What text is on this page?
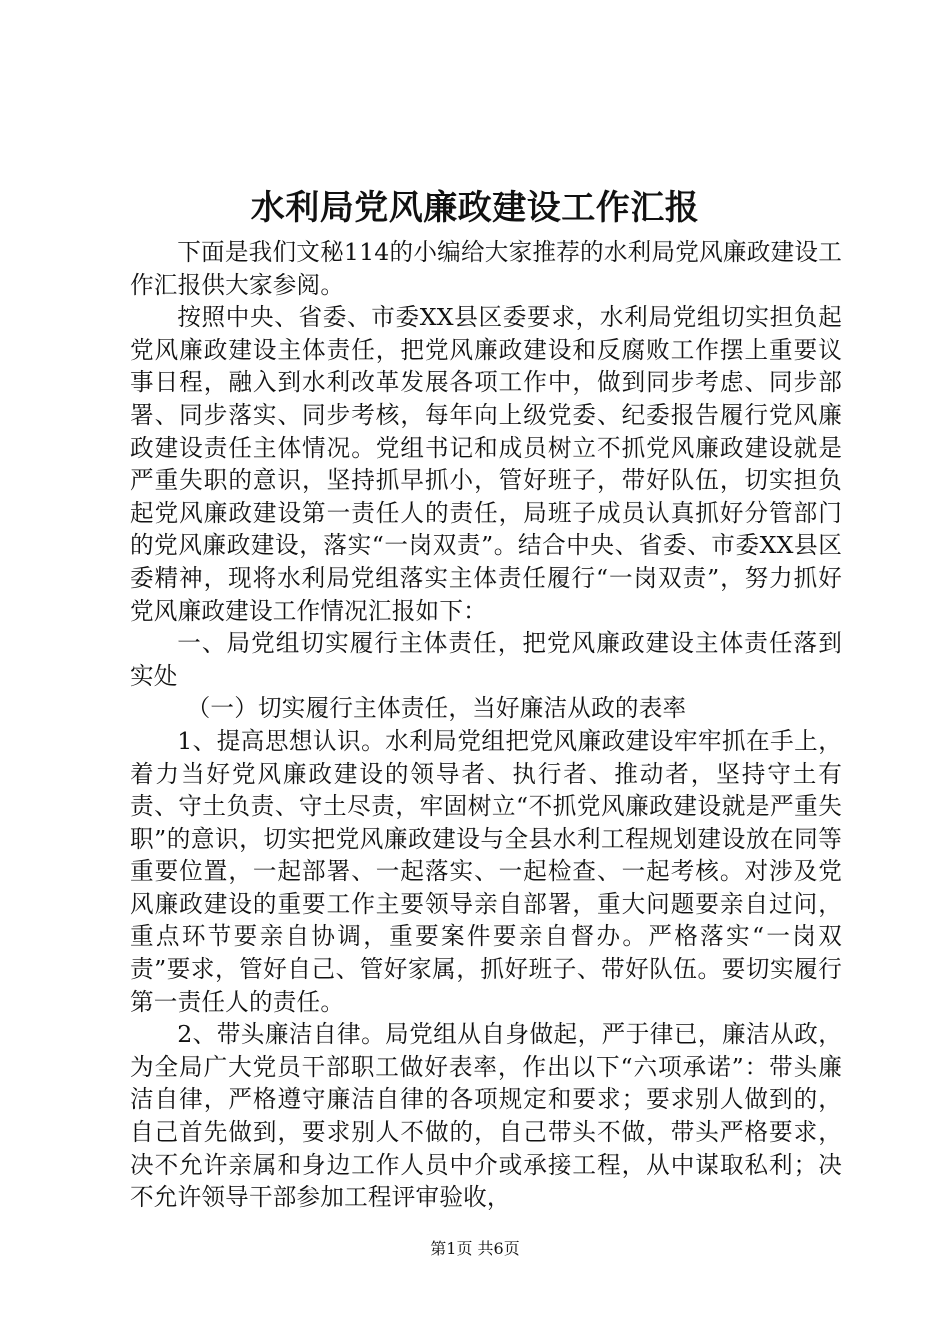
水利局党风廉政建设工作汇报

下面是我们文秘114的小编给大家推荐的水利局党风廉政建设工作汇报供大家参阅。

按照中央、省委、市委XX县区委要求，水利局党组切实担负起党风廉政建设主体责任，把党风廉政建设和反腐败工作摆上重要议事日程，融入到水利改革发展各项工作中，做到同步考虑、同步部署、同步落实、同步考核，每年向上级党委、纪委报告履行党风廉政建设责任主体情况。党组书记和成员树立不抓党风廉政建设就是严重失职的意识，坚持抓早抓小，管好班子，带好队伍，切实担负起党风廉政建设第一责任人的责任，局班子成员认真抓好分管部门的党风廉政建设，落实“一岗双责”。结合中央、省委、市委XX县区委精神，现将水利局党组落实主体责任履行“一岗双责”，努力抓好党风廉政建设工作情况汇报如下：

一、局党组切实履行主体责任，把党风廉政建设主体责任落到实处

（一）切实履行主体责任，当好廉洁从政的表率

1、提高思想认识。水利局党组把党风廉政建设牢牢抓在手上，着力当好党风廉政建设的领导者、执行者、推动者，坚持守土有责、守土负责、守土尽责，牢固树立“不抓党风廉政建设就是严重失职”的意识，切实把党风廉政建设与全县水利工程规划建设放在同等重要位置，一起部署、一起落实、一起检查、一起考核。对涉及党风廉政建设的重要工作主要领导亲自部署，重大问题要亲自过问，重点环节要亲自协调，重要案件要亲自督办。严格落实“一岗双责”要求，管好自己、管好家属，抓好班子、带好队伍。要切实履行第一责任人的责任。

2、带头廉洁自律。局党组从自身做起，严于律已，廉洁从政，为全局广大党员干部职工做好表率，作出以下“六项承诺”：带头廉洁自律，严格遵守廉洁自律的各项规定和要求；要求别人做到的，自己首先做到，要求别人不做的，自己带头不做，带头严格要求，决不允许亲属和身边工作人员中介或承接工程，从中谋取私利；决不允许领导干部参加工程评审验收，

第1页 共6页
